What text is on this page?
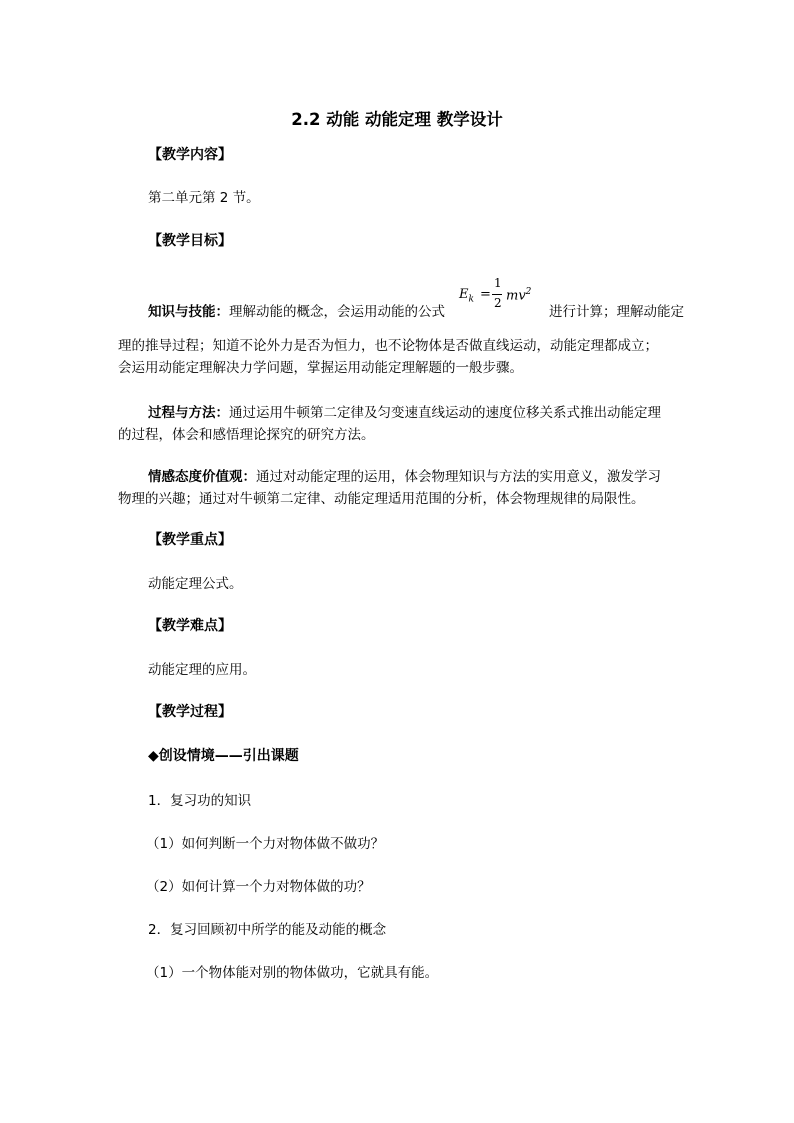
2.2 动能 动能定理 教学设计
【教学内容】
第二单元第 2 节。
【教学目标】
知识与技能：理解动能的概念，会运用动能的公式
$E_k$ =
1
2 $mv^2$
进行计算；理解动能定
理的推导过程；知道不论外力是否为恒力，也不论物体是否做直线运动，动能定理都成立；
会运用动能定理解决力学问题，掌握运用动能定理解题的一般步骤。
过程与方法：通过运用牛顿第二定律及匀变速直线运动的速度位移关系式推出动能定理
的过程，体会和感悟理论探究的研究方法。
情感态度价值观：通过对动能定理的运用，体会物理知识与方法的实用意义，激发学习
物理的兴趣；通过对牛顿第二定律、动能定理适用范围的分析，体会物理规律的局限性。
【教学重点】
动能定理公式。
【教学难点】
动能定理的应用。
【教学过程】
◆创设情境——引出课题
1．复习功的知识
（1）如何判断一个力对物体做不做功？
（2）如何计算一个力对物体做的功？
2．复习回顾初中所学的能及动能的概念
（1）一个物体能对别的物体做功，它就具有能。
